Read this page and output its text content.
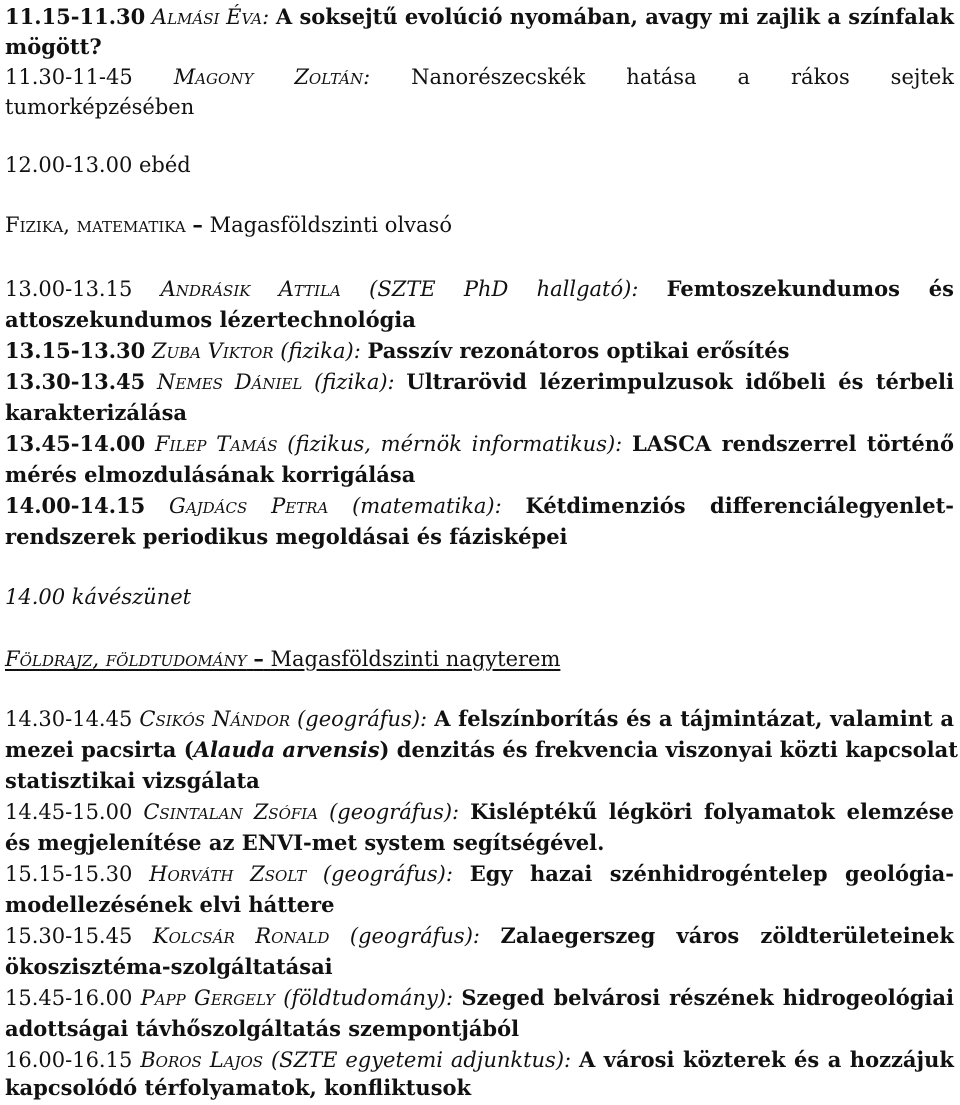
11.15-11.30 Almási Éva: A soksejtű evolúció nyomában, avagy mi zajlik a színfalak
mögött?
11.30-11-45 Magony Zoltán: Nanorészecskék hatása a rákos sejtek
tumorképzésében
12.00-13.00 ebéd
Fizika, matematika – Magasföldszinti olvasó
13.00-13.15 Andrásik Attila (SZTE PhD hallgató): Femtoszekundumos és
attoszekundumos lézertechnológia
13.15-13.30 Zuba Viktor (fizika): Passzív rezonátoros optikai erősítés
13.30-13.45 Nemes Dániel (fizika): Ultrarövid lézerimpulzusok időbeli és térbeli
karakterizálása
13.45-14.00 Filep Tamás (fizikus, mérnök informatikus): LASCA rendszerrel történő
mérés elmozdulásának korrigálása
14.00-14.15 Gajdács Petra (matematika): Kétdimenziós differenciálegyenlet-
rendszerek periodikus megoldásai és fázisképei
14.00 kávészünet
Földrajz, földtudomány – Magasföldszinti nagyterem
14.30-14.45 Csikós Nándor (geográfus): A felszínborítás és a tájmintázat, valamint a
mezei pacsirta (Alauda arvensis) denzitás és frekvencia viszonyai közti kapcsolat
statisztikai vizsgálata
14.45-15.00 Csintalan Zsófia (geográfus): Kisléptékű légköri folyamatok elemzése
és megjelenítése az ENVI-met system segítségével.
15.15-15.30 Horváth Zsolt (geográfus): Egy hazai szénhidrogéntelep geológia-
modellezésének elvi háttere
15.30-15.45 Kolcsár Ronald (geográfus): Zalaegerszeg város zöldterületeinek
ökoszisztéma-szolgáltatásai
15.45-16.00 Papp Gergely (földtudomány): Szeged belvárosi részének hidrogeológiai
adottságai távhőszolgáltatás szempontjából
16.00-16.15 Boros Lajos (SZTE egyetemi adjunktus): A városi közterek és a hozzájuk
kapcsolódó térfolyamatok, konfliktusok
